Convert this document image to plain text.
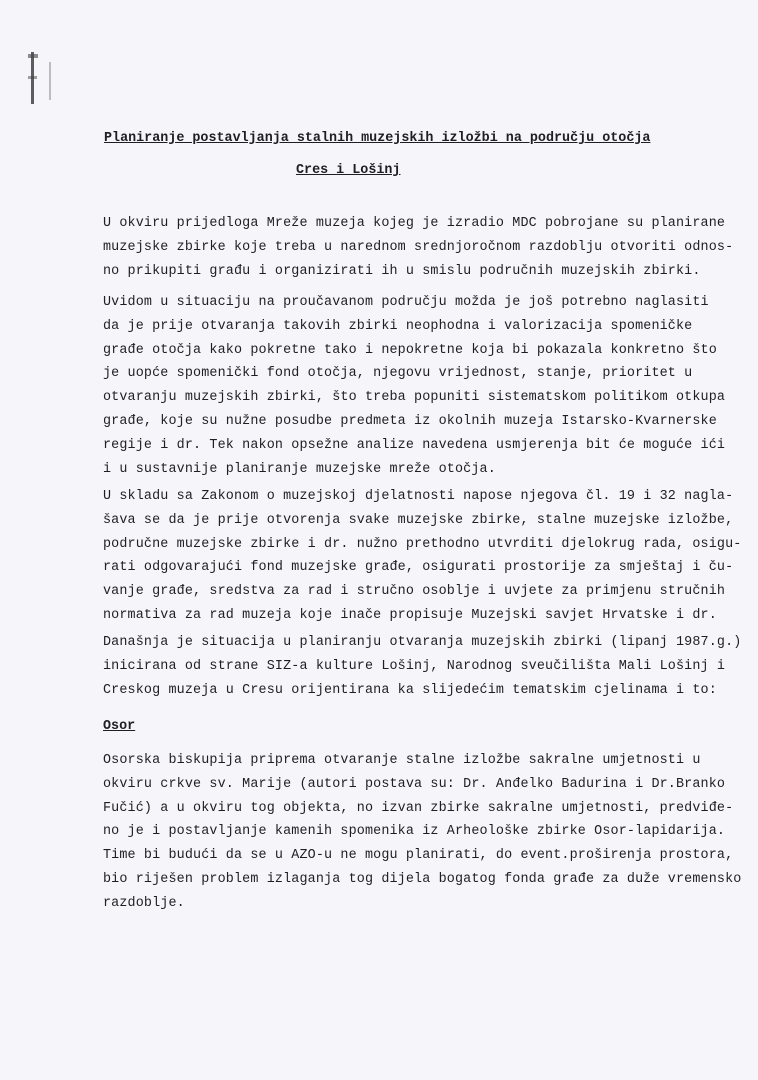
Planiranje postavljanja stalnih muzejskih izložbi na području otočja
Cres i Lošinj
U okviru prijedloga Mreže muzeja kojeg je izradio MDC pobrojane su planirane
muzejske zbirke koje treba u narednom srednjoročnom razdoblju otvoriti odnos-
no prikupiti građu i organizirati ih u smislu područnih muzejskih zbirki.
Uvidom u situaciju na proučavanom području možda je još potrebno naglasiti
da je prije otvaranja takovih zbirki neophodna i valorizacija spomeničke
građe otočja kako pokretne tako i nepokretne koja bi pokazala konkretno što
je uopće spomenički fond otočja, njegovu vrijednost, stanje, prioritet u
otvaranju muzejskih zbirki, što treba popuniti sistematskom politikom otkupa
građe, koje su nužne posudbe predmeta iz okolnih muzeja Istarsko-Kvarnerske
regije i dr. Tek nakon opsežne analize navedena usmjerenja bit će moguće ići
i u sustavnije planiranje muzejske mreže otočja.
U skladu sa Zakonom o muzejskoj djelatnosti napose njegova čl. 19 i 32 nagla-
šava se da je prije otvorenja svake muzejske zbirke, stalne muzejske izložbe,
područne muzejske zbirke i dr. nužno prethodno utvrditi djelokrug rada, osigu-
rati odgovarajući fond muzejske građe, osigurati prostorije za smještaj i ču-
vanje građe, sredstva za rad i stručno osoblje i uvjete za primjenu stručnih
normativa za rad muzeja koje inače propisuje Muzejski savjet Hrvatske i dr.
Današnja je situacija u planiranju otvaranja muzejskih zbirki (lipanj 1987.g.)
inicirana od strane SIZ-a kulture Lošinj, Narodnog sveučilišta Mali Lošinj i
Creskog muzeja u Cresu orijentirana ka slijedećim tematskim cjelinama i to:
Osor
Osorska biskupija priprema otvaranje stalne izložbe sakralne umjetnosti u
okviru crkve sv. Marije (autori postava su: Dr. Anđelko Badurina i Dr.Branko
Fučić) a u okviru tog objekta, no izvan zbirke sakralne umjetnosti, predviđe-
no je i postavljanje kamenih spomenika iz Arheološke zbirke Osor-lapidarija.
Time bi budući da se u AZO-u ne mogu planirati, do event.proširenja prostora,
bio riješen problem izlaganja tog dijela bogatog fonda građe za duže vremensko
razdoblje.
